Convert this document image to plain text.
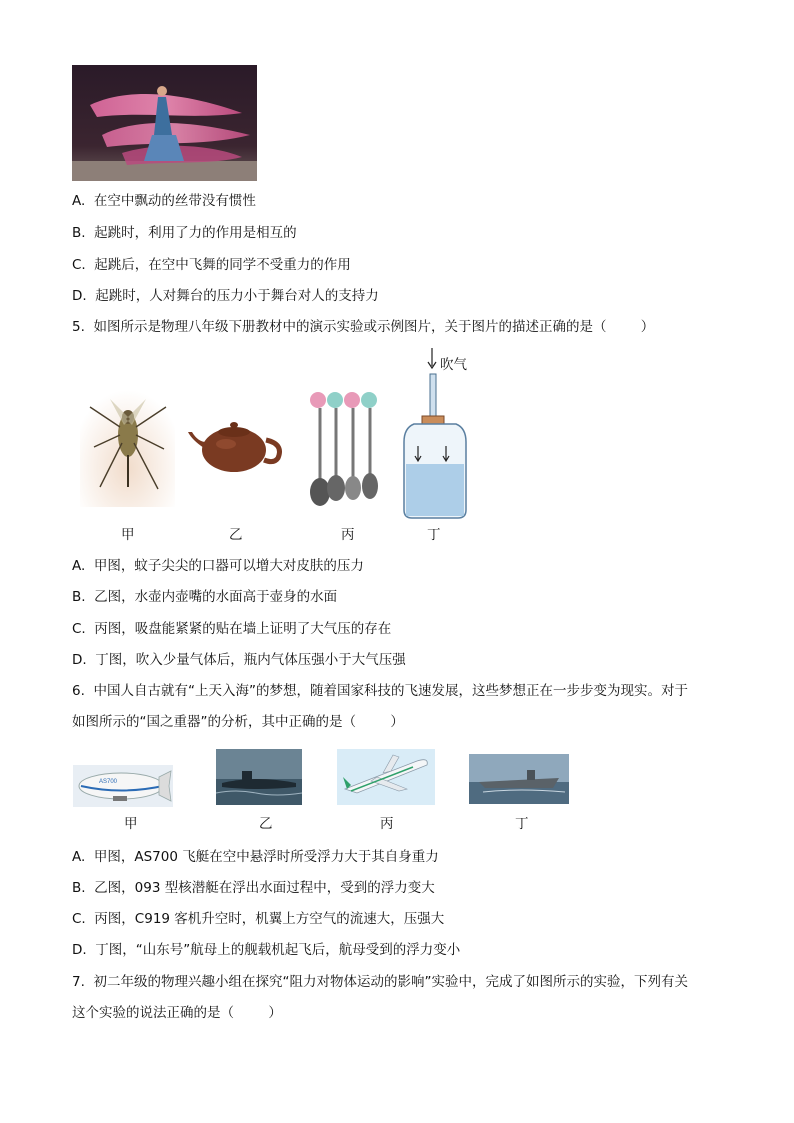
A.  在空中飘动的丝带没有惯性
B.  起跳时，利用了力的作用是相互的
C.  起跳后，在空中飞舞的同学不受重力的作用
D.  起跳时，人对舞台的压力小于舞台对人的支持力
5.  如图所示是物理八年级下册教材中的演示实验或示例图片，关于图片的描述正确的是（        ）
吹气
甲	乙	丙	丁
A.  甲图，蚊子尖尖的口器可以增大对皮肤的压力
B.  乙图，水壶内壶嘴的水面高于壶身的水面
C.  丙图，吸盘能紧紧的贴在墙上证明了大气压的存在
D.  丁图，吹入少量气体后，瓶内气体压强小于大气压强
6.  中国人自古就有“上天入海”的梦想，随着国家科技的飞速发展，这些梦想正在一步步变为现实。对于
如图所示的“国之重器”的分析，其中正确的是（        ）
AS700
甲	乙	丙	丁
A.  甲图，AS700 飞艇在空中悬浮时所受浮力大于其自身重力
B.  乙图，093 型核潜艇在浮出水面过程中，受到的浮力变大
C.  丙图，C919 客机升空时，机翼上方空气的流速大，压强大
D.  丁图，“山东号”航母上的舰载机起飞后，航母受到的浮力变小
7.  初二年级的物理兴趣小组在探究“阻力对物体运动的影响”实验中，完成了如图所示的实验，下列有关
这个实验的说法正确的是（        ）
